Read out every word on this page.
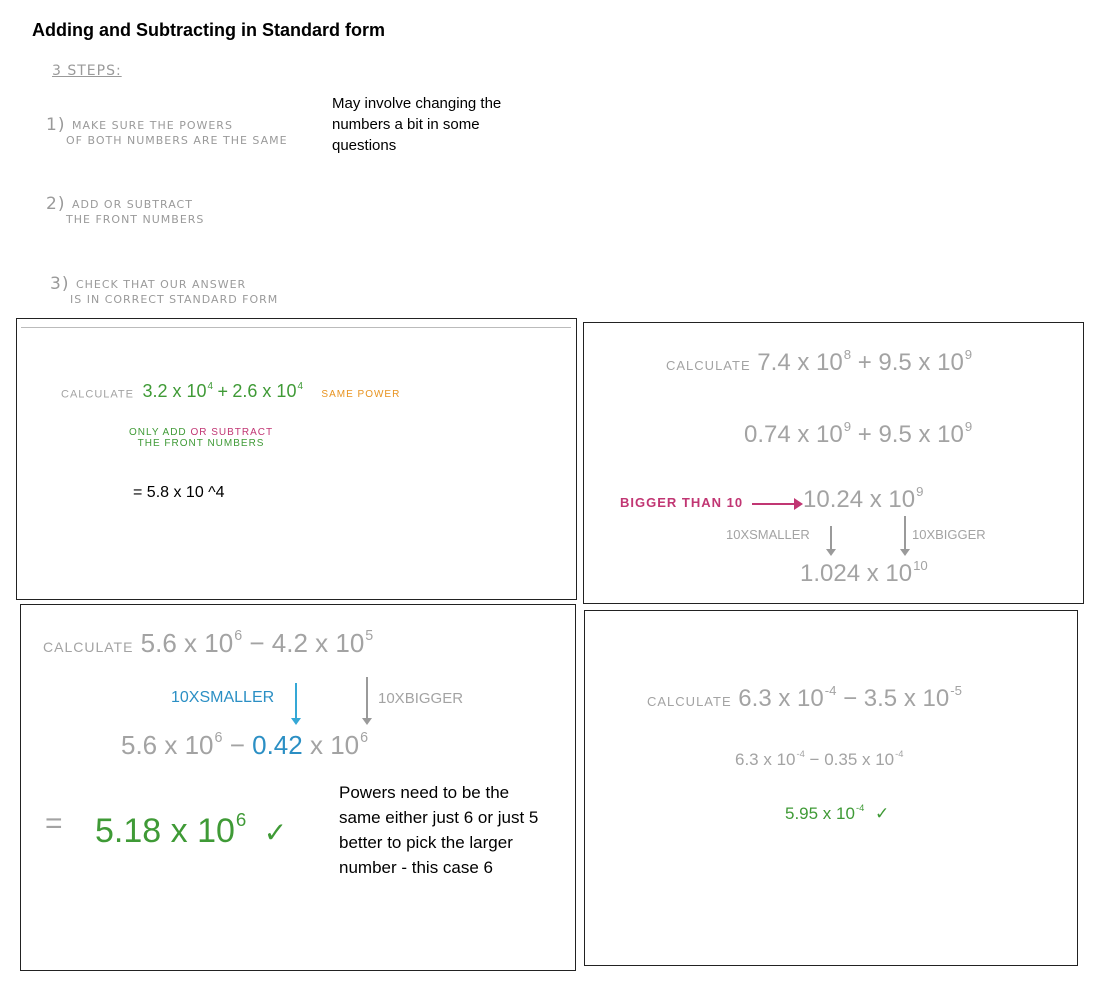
Adding and Subtracting in Standard form
3 STEPS:
1) MAKE SURE THE POWERS
OF BOTH NUMBERS ARE THE SAME
2) ADD OR SUBTRACT
THE FRONT NUMBERS
3) CHECK THAT OUR ANSWER
IS IN CORRECT STANDARD FORM
May involve changing the numbers a bit in some questions
CALCULATE 3.2 x $10^4 + 2.6$ x $10^4$ SAME POWER
ONLY ADD OR SUBTRACT
THE FRONT NUMBERS
= 5.8 x 10 ^4
CALCULATE 7.4 x $10^8 + 9.5$ x $10^9$
0.74 x $10^9 + 9.5$ x $10^9$
BIGGER THAN 10 10.24 x $10^9$
10XSMALLER	10XBIGGER
1.024 x $10^{10}$
CALCULATE 5.6 x $10^6 - 4.2$ x $10^5$
10XSMALLER	10XBIGGER
5.6 x $10^6 - 0.42$ x $10^6$
= 5.18 x $10^6$ ✓
Powers need to be the same either just 6 or just 5 better to pick the larger number - this case 6
CALCULATE 6.3 x $10^{-4} - 3.5$ x $10^{-5}$
6.3 x $10^{-4} - 0.35$ x $10^{-4}$
5.95 x $10^{-4}$ ✓
